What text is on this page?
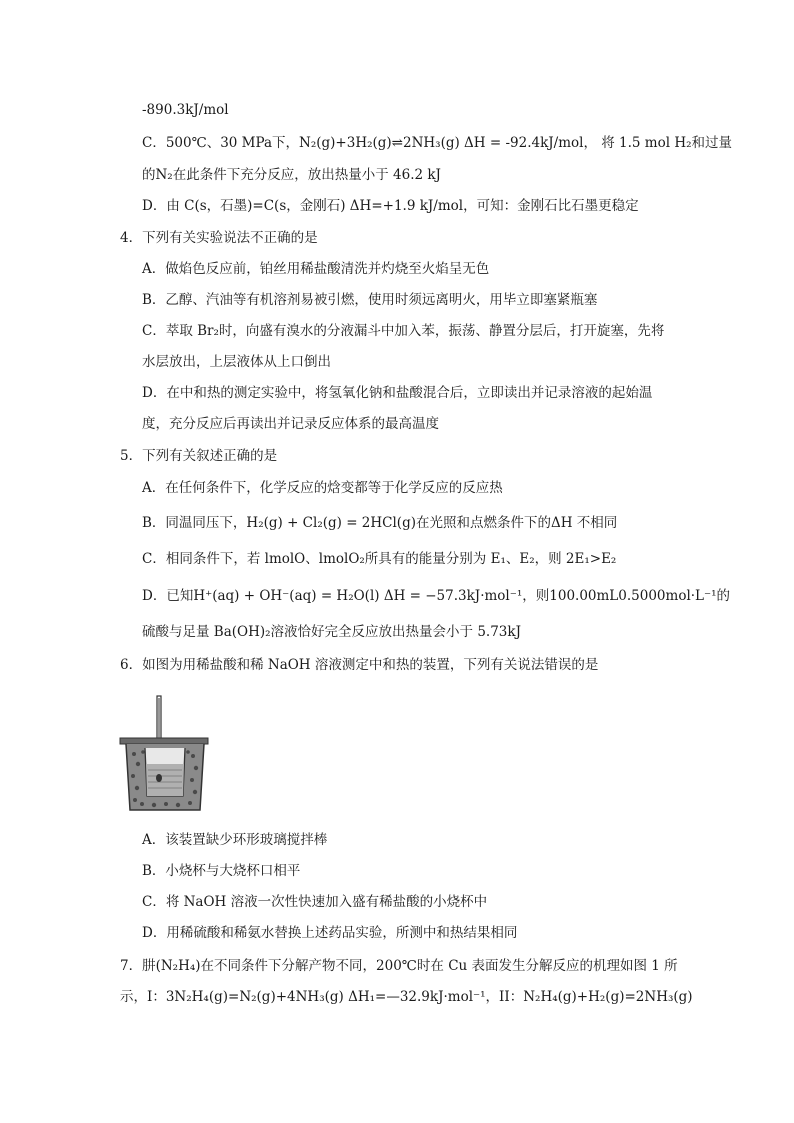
-890.3kJ/mol
C．500℃、30 MPa下，N₂(g)+3H₂(g)⇌2NH₃(g) ΔH = -92.4kJ/mol， 将 1.5 mol H₂和过量
的N₂在此条件下充分反应，放出热量小于 46.2 kJ
D．由 C(s，石墨)=C(s，金刚石) ΔH=+1.9 kJ/mol，可知：金刚石比石墨更稳定
4．下列有关实验说法不正确的是
A．做焰色反应前，铂丝用稀盐酸清洗并灼烧至火焰呈无色
B．乙醇、汽油等有机溶剂易被引燃，使用时须远离明火，用毕立即塞紧瓶塞
C．萃取 Br₂时，向盛有溴水的分液漏斗中加入苯，振荡、静置分层后，打开旋塞，先将
水层放出，上层液体从上口倒出
D．在中和热的测定实验中，将氢氧化钠和盐酸混合后，立即读出并记录溶液的起始温
度，充分反应后再读出并记录反应体系的最高温度
5．下列有关叙述正确的是
A．在任何条件下，化学反应的焓变都等于化学反应的反应热
B．同温同压下，H₂(g) + Cl₂(g) = 2HCl(g)在光照和点燃条件下的ΔH 不相同
C．相同条件下，若 lmolO、lmolO₂所具有的能量分别为 E₁、E₂，则 2E₁>E₂
D．已知H⁺(aq) + OH⁻(aq) = H₂O(l) ΔH = −57.3kJ·mol⁻¹，则100.00mL0.5000mol·L⁻¹的
硫酸与足量 Ba(OH)₂溶液恰好完全反应放出热量会小于 5.73kJ
6．如图为用稀盐酸和稀 NaOH 溶液测定中和热的装置，下列有关说法错误的是
A．该装置缺少环形玻璃搅拌棒
B．小烧杯与大烧杯口相平
C．将 NaOH 溶液一次性快速加入盛有稀盐酸的小烧杯中
D．用稀硫酸和稀氨水替换上述药品实验，所测中和热结果相同
7．肼(N₂H₄)在不同条件下分解产物不同，200℃时在 Cu 表面发生分解反应的机理如图 1 所
示，I：3N₂H₄(g)=N₂(g)+4NH₃(g) ΔH₁=—32.9kJ·mol⁻¹，II：N₂H₄(g)+H₂(g)=2NH₃(g)
